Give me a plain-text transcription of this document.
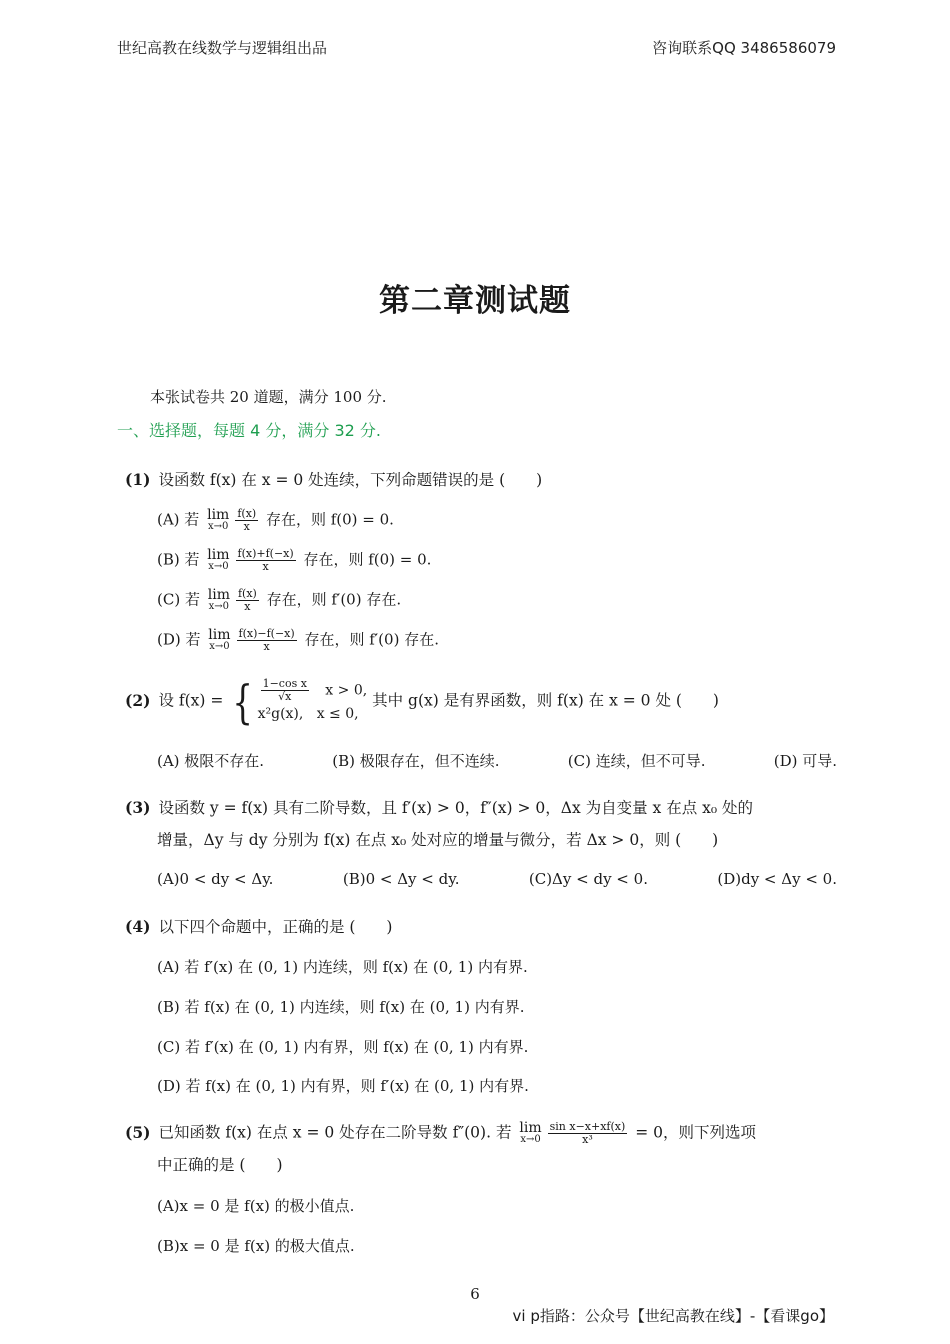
世纪高教在线数学与逻辑组出品	咨询联系QQ 3486586079
第二章测试题
本张试卷共 20 道题，满分 100 分.
一、选择题，每题 4 分，满分 32 分.
(1) 设函数 f(x) 在 x = 0 处连续，下列命题错误的是 (　　)
(A) 若 lim
$x\to 0 \frac{f(x)}{x}$ 存在，则 f(0) = 0.
(B) 若 lim
$x\to 0 \frac{f(x)+f(-x)}{x}$ 存在，则 f(0) = 0.
(C) 若 lim
$x\to 0 \frac{f(x)}{x}$ 存在，则 f′(0) 存在.
(D) 若 lim
$x\to 0 \frac{f(x)-f(-x)}{x}$ 存在，则 f′(0) 存在.
(2) 设 f(x) = { $\frac{\text{1−cos x}}{√x}$ x > 0,
x²g(x), x ≤ 0,
其中 g(x) 是有界函数，则 f(x) 在 x = 0 处 (　　)
(A) 极限不存在.	(B) 极限存在，但不连续.	(C) 连续，但不可导.	(D) 可导.
(3) 设函数 y = f(x) 具有二阶导数，且 f′(x) > 0，f″(x) > 0，Δx 为自变量 x 在点 x₀ 处的
增量，Δy 与 dy 分别为 f(x) 在点 x₀ 处对应的增量与微分，若 Δx > 0，则 (　　)
(A)0 < dy < Δy.	(B)0 < Δy < dy.	(C)Δy < dy < 0.	(D)dy < Δy < 0.
(4) 以下四个命题中，正确的是 (　　)
(A) 若 f′(x) 在 (0, 1) 内连续，则 f(x) 在 (0, 1) 内有界.
(B) 若 f(x) 在 (0, 1) 内连续，则 f(x) 在 (0, 1) 内有界.
(C) 若 f′(x) 在 (0, 1) 内有界，则 f(x) 在 (0, 1) 内有界.
(D) 若 f(x) 在 (0, 1) 内有界，则 f′(x) 在 (0, 1) 内有界.
(5) 已知函数 f(x) 在点 x = 0 处存在二阶导数 f″(0). 若 lim
$x\to 0 \frac{\text{sin x−x+xf(x)}}{\text{x³}} = 0$，则下列选项
中正确的是 (　　)
(A)x = 0 是 f(x) 的极小值点.
(B)x = 0 是 f(x) 的极大值点.
6
vi p指路：公众号【世纪高教在线】-【看课go】
